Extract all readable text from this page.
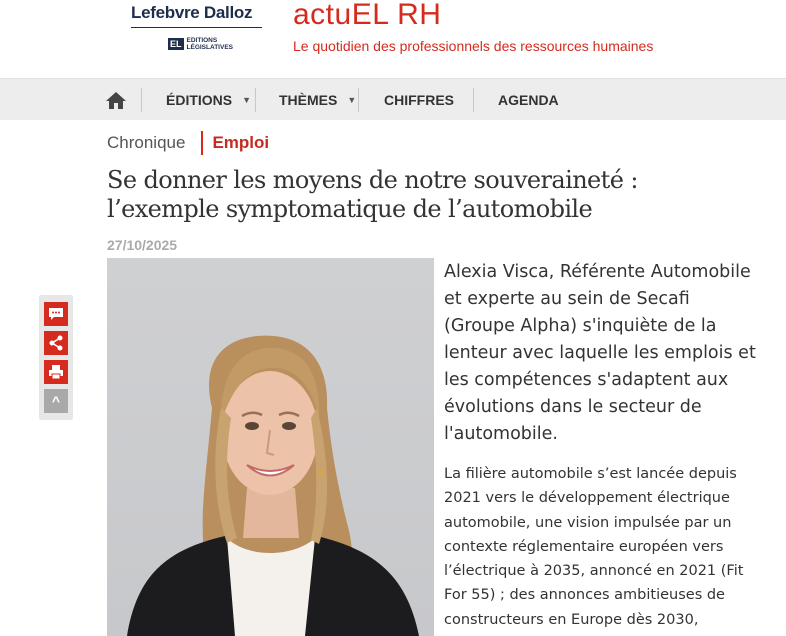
Lefebvre Dalloz
EL EDITIONS
LÉGISLATIVES
actuEL RH
Le quotidien des professionnels des ressources humaines
ÉDITIONS ▼ THÈMES ▼ CHIFFRES	AGENDA
Chronique Emploi
Se donner les moyens de notre souveraineté :
l’exemple symptomatique de l’automobile
27/10/2025
Alexia Visca, Référente Automobile et experte au sein de Secafi (Groupe Alpha) s'inquiète de la lenteur avec laquelle les emplois et les compétences s'adaptent aux évolutions dans le secteur de l'automobile.
La filière automobile s’est lancée depuis 2021 vers le développement électrique automobile, une vision impulsée par un contexte réglementaire européen vers l’électrique à 2035, annoncé en 2021 (Fit For 55) ; des annonces ambitieuses de constructeurs en Europe dès 2030,
^
